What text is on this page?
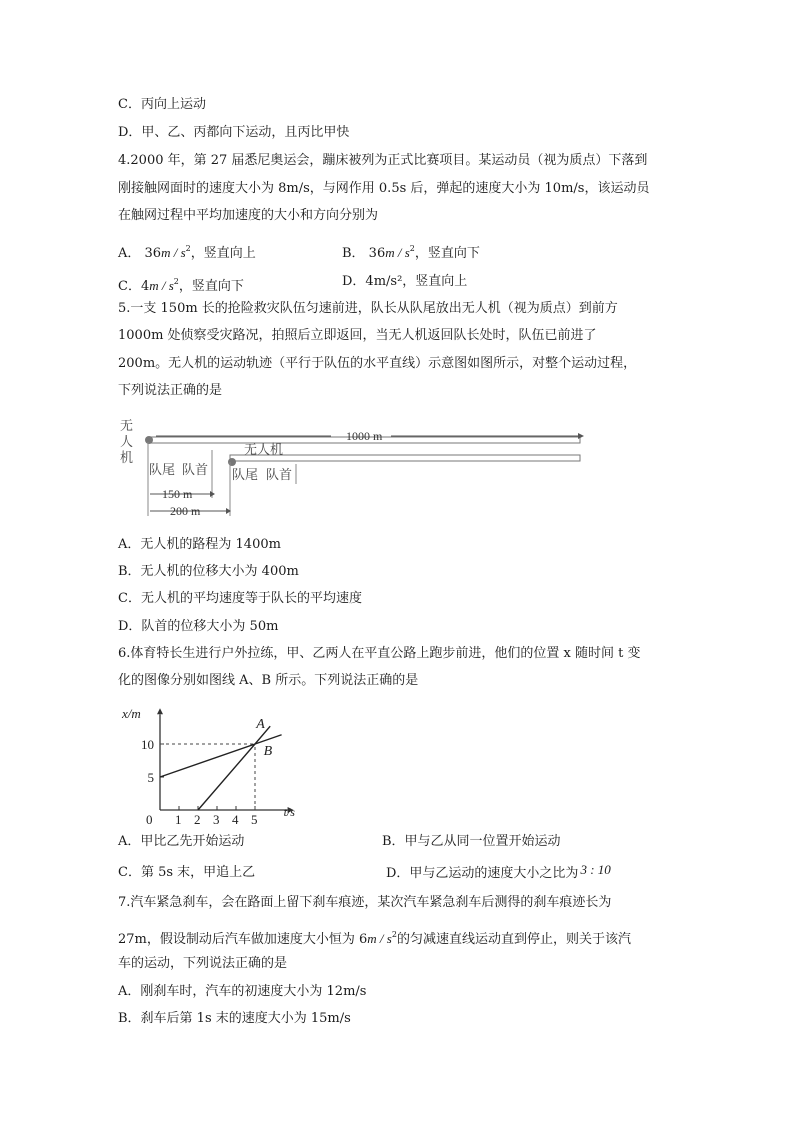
C．丙向上运动
D．甲、乙、丙都向下运动，且丙比甲快
4.2000 年，第 27 届悉尼奥运会，蹦床被列为正式比赛项目。某运动员（视为质点）下落到
刚接触网面时的速度大小为 8m/s，与网作用 0.5s 后，弹起的速度大小为 10m/s，该运动员
在触网过程中平均加速度的大小和方向分别为
A． $36m / s^2$，竖直向上	B． $36m / s^2$，竖直向下
C．$4m / s^2$，竖直向下	D．4m/s²，竖直向上
5.一支 150m 长的抢险救灾队伍匀速前进，队长从队尾放出无人机（视为质点）到前方
1000m 处侦察受灾路况，拍照后立即返回，当无人机返回队长处时，队伍已前进了
200m。无人机的运动轨迹（平行于队伍的水平直线）示意图如图所示，对整个运动过程，
下列说法正确的是
无
人
机
1000 m
无人机
队尾 队首 队尾 队首
150 m
200 m
A．无人机的路程为 1400m
B．无人机的位移大小为 400m
C．无人机的平均速度等于队长的平均速度
D．队首的位移大小为 50m
6.体育特长生进行户外拉练，甲、乙两人在平直公路上跑步前进，他们的位置 x 随时间 t 变
化的图像分别如图线 A、B 所示。下列说法正确的是
x/m
t/s
0 1 2 3 4 5
5
10
A
B
A．甲比乙先开始运动	B．甲与乙从同一位置开始运动
C．第 5s 末，甲追上乙	D．甲与乙运动的速度大小之比为 3 : 10
7.汽车紧急刹车，会在路面上留下刹车痕迹，某次汽车紧急刹车后测得的刹车痕迹长为
27m，假设制动后汽车做加速度大小恒为 $6m / s^2$的匀减速直线运动直到停止，则关于该汽
车的运动，下列说法正确的是
A．刚刹车时，汽车的初速度大小为 12m/s
B．刹车后第 1s 末的速度大小为 15m/s
